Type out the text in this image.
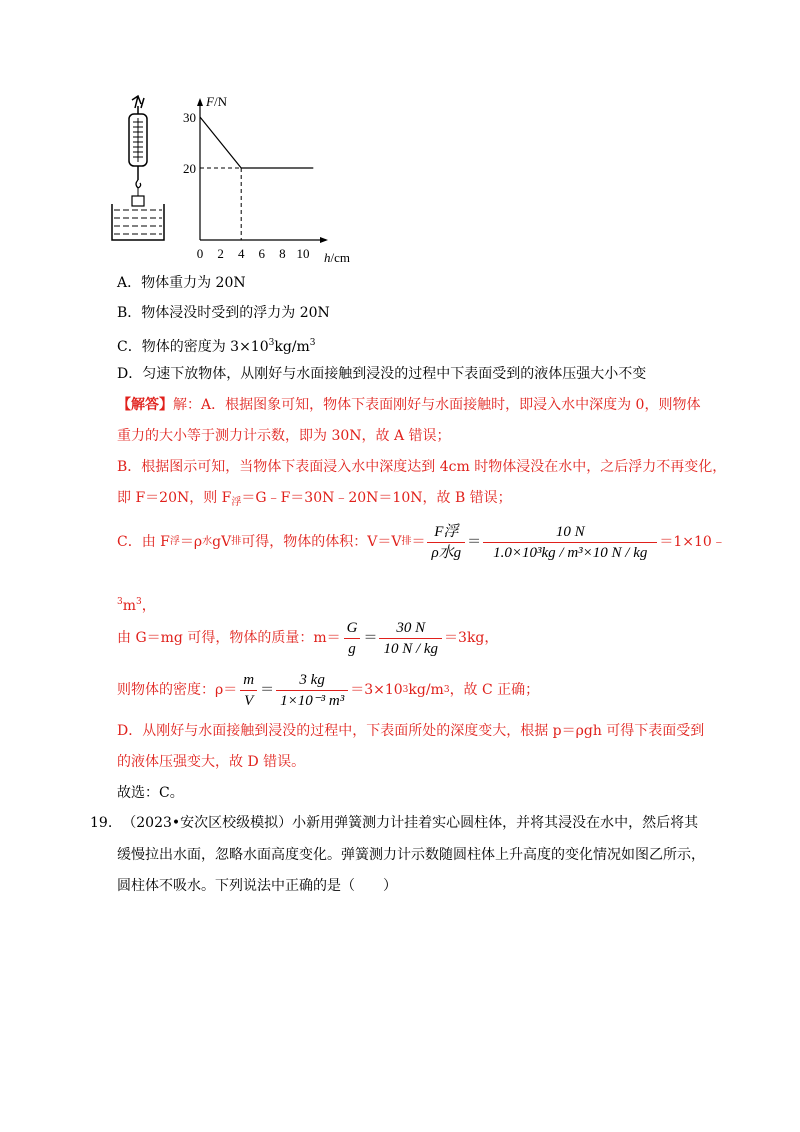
0 2 4 6 8 10
30
20
F/N
h/cm
A．物体重力为 20N
B．物体浸没时受到的浮力为 20N
C．物体的密度为 $3\times 10^3kg/m^3$
D．匀速下放物体，从刚好与水面接触到浸没的过程中下表面受到的液体压强大小不变
【解答】解：A．根据图象可知，物体下表面刚好与水面接触时，即浸入水中深度为 0，则物体
重力的大小等于测力计示数，即为 30N，故 A 错误；
B．根据图示可知，当物体下表面浸入水中深度达到 4cm 时物体浸没在水中，之后浮力不再变化，
即 F＝20N，则 $F_浮=G﹣F=30N﹣20N=10N$，故 B 错误；
C．由 F 浮 ＝ρ 水 gV 排 可得，物体的体积：V＝V 排 ＝ $\frac{\text{F浮}}{\text{ρ水g}} = \frac{10 N}{\text{1.0×10³kg / m³×10 N / kg}}$ ＝1×10﹣
$^3m^3$，
由 G＝mg 可得，物体的质量：$m= \frac{G}{g} = \frac{30 N}{10 N / kg} =3kg$，
则物体的密度：$\rho= \frac{m}{V} = \frac{3 kg}{\text{1×10⁻³ m³}} =3\times 10$ 3 kg/m 3 ，故 C 正确；
D．从刚好与水面接触到浸没的过程中，下表面所处的深度变大，根据 p＝ρgh 可得下表面受到
的液体压强变大，故 D 错误。
故选：C。
19. （2023•安次区校级模拟）小新用弹簧测力计挂着实心圆柱体，并将其浸没在水中，然后将其
缓慢拉出水面，忽略水面高度变化。弹簧测力计示数随圆柱体上升高度的变化情况如图乙所示，
圆柱体不吸水。下列说法中正确的是（　　）
